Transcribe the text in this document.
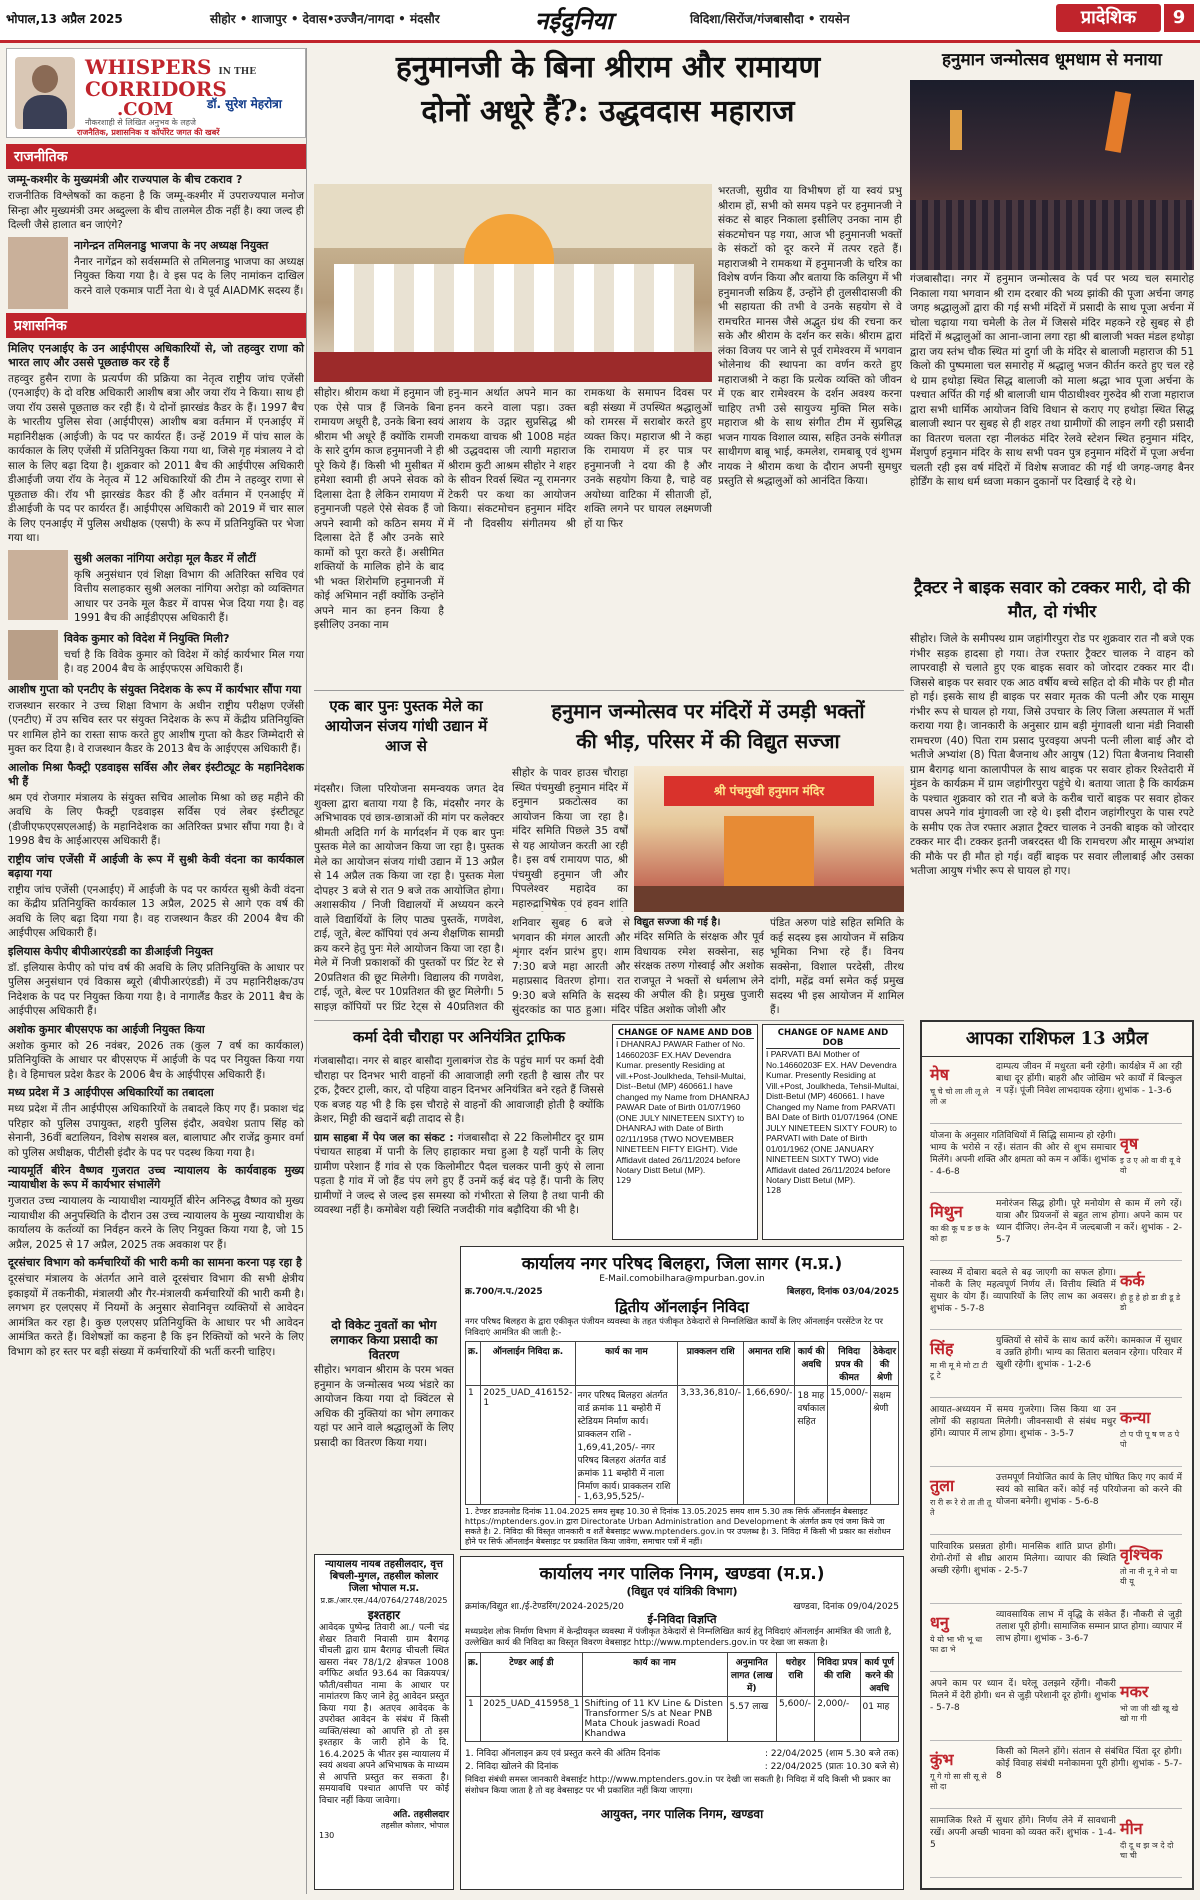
भोपाल,13 अप्रैल 2025	सीहोर • शाजापुर • देवास•उज्जैन/नागदा • मंदसौर	नईदुनिया	विदिशा/सिरोंज/गंजबासौदा • रायसेन	प्रादेशिक	9
WHISPERS IN THE
CORRIDORS
डॉ. सुरेश मेहरोत्रा
.COM
नौकरशाही से लिखित अनुभव के लहजे
राजनैतिक, प्रशासनिक व कॉर्पोरेट जगत की खबरें
राजनीतिक
जम्मू-कश्मीर के मुख्यमंत्री और राज्यपाल के बीच टकराव ?

राजनीतिक विश्लेषकों का कहना है कि जम्मू-कश्मीर में उपराज्यपाल मनोज सिन्हा और मुख्यमंत्री उमर अब्दुल्ला के बीच तालमेल ठीक नहीं है। क्या जल्द ही दिल्ली जैसे हालात बन जाएंगे?

नागेन्द्रन तमिलनाडु भाजपा के नए अध्यक्ष नियुक्त

नैनार नागेंद्रन को सर्वसम्मति से तमिलनाडु भाजपा का अध्यक्ष नियुक्त किया गया है। वे इस पद के लिए नामांकन दाखिल करने वाले एकमात्र पार्टी नेता थे। वे पूर्व AIADMK सदस्य हैं।

प्रशासनिक
मिलिए एनआईए के उन आईपीएस अधिकारियों से, जो तहव्वुर राणा को भारत लाए और उससे पूछताछ कर रहे हैं

तहव्वुर हुसैन राणा के प्रत्यर्पण की प्रक्रिया का नेतृत्व राष्ट्रीय जांच एजेंसी (एनआईए) के दो वरिष्ठ अधिकारी आशीष बत्रा और जया रॉय ने किया। साथ ही जया रॉय उससे पूछताछ कर रही हैं। ये दोनों झारखंड कैडर के हैं। 1997 बैच के भारतीय पुलिस सेवा (आईपीएस) आशीष बत्रा वर्तमान में एनआईए में महानिरीक्षक (आईजी) के पद पर कार्यरत हैं। उन्हें 2019 में पांच साल के कार्यकाल के लिए एजेंसी में प्रतिनियुक्त किया गया था, जिसे गृह मंत्रालय ने दो साल के लिए बढ़ा दिया है। शुक्रवार को 2011 बैच की आईपीएस अधिकारी डीआईजी जया रॉय के नेतृत्व में 12 अधिकारियों की टीम ने तहव्वुर राणा से पूछताछ की। रॉय भी झारखंड कैडर की हैं और वर्तमान में एनआईए में डीआईजी के पद पर कार्यरत हैं। आईपीएस अधिकारी को 2019 में चार साल के लिए एनआईए में पुलिस अधीक्षक (एसपी) के रूप में प्रतिनियुक्ति पर भेजा गया था।

सुश्री अलका नांगिया अरोड़ा मूल कैडर में लौटीं

कृषि अनुसंधान एवं शिक्षा विभाग की अतिरिक्त सचिव एवं वित्तीय सलाहकार सुश्री अलका नांगिया अरोड़ा को व्यक्तिगत आधार पर उनके मूल कैडर में वापस भेज दिया गया है। वह 1991 बैच की आईडीएएस अधिकारी हैं।

विवेक कुमार को विदेश में नियुक्ति मिली?

चर्चा है कि विवेक कुमार को विदेश में कोई कार्यभार मिल गया है। वह 2004 बैच के आईएफएस अधिकारी हैं।

आशीष गुप्ता को एनटीए के संयुक्त निदेशक के रूप में कार्यभार सौंपा गया

राजस्थान सरकार ने उच्च शिक्षा विभाग के अधीन राष्ट्रीय परीक्षण एजेंसी (एनटीए) में उप सचिव स्तर पर संयुक्त निदेशक के रूप में केंद्रीय प्रतिनियुक्ति पर शामिल होने का रास्ता साफ करते हुए आशीष गुप्ता को कैडर जिम्मेदारी से मुक्त कर दिया है। वे राजस्थान कैडर के 2013 बैच के आईएएस अधिकारी हैं।

आलोक मिश्रा फैक्ट्री एडवाइस सर्विस और लेबर इंस्टीट्यूट के महानिदेशक भी हैं

श्रम एवं रोजगार मंत्रालय के संयुक्त सचिव आलोक मिश्रा को छह महीने की अवधि के लिए फैक्ट्री एडवाइस सर्विस एवं लेबर इंस्टीट्यूट (डीजीएफएएसएलआई) के महानिदेशक का अतिरिक्त प्रभार सौंपा गया है। वे 1998 बैच के आईआरएस अधिकारी हैं।

राष्ट्रीय जांच एजेंसी में आईजी के रूप में सुश्री केवी वंदना का कार्यकाल बढ़ाया गया

राष्ट्रीय जांच एजेंसी (एनआईए) में आईजी के पद पर कार्यरत सुश्री केवी वंदना का केंद्रीय प्रतिनियुक्ति कार्यकाल 13 अप्रैल, 2025 से आगे एक वर्ष की अवधि के लिए बढ़ा दिया गया है। वह राजस्थान कैडर की 2004 बैच की आईपीएस अधिकारी हैं।

इलियास केपीए बीपीआरएंडडी का डीआईजी नियुक्त

डॉ. इलियास केपीए को पांच वर्ष की अवधि के लिए प्रतिनियुक्ति के आधार पर पुलिस अनुसंधान एवं विकास ब्यूरो (बीपीआरएंडडी) में उप महानिरीक्षक/उप निदेशक के पद पर नियुक्त किया गया है। वे नागालैंड कैडर के 2011 बैच के आईपीएस अधिकारी हैं।

अशोक कुमार बीएसएफ का आईजी नियुक्त किया

अशोक कुमार को 26 नवंबर, 2026 तक (कुल 7 वर्ष का कार्यकाल) प्रतिनियुक्ति के आधार पर बीएसएफ में आईजी के पद पर नियुक्त किया गया है। वे हिमाचल प्रदेश कैडर के 2006 बैच के आईपीएस अधिकारी हैं।

मध्य प्रदेश में 3 आईपीएस अधिकारियों का तबादला

मध्य प्रदेश में तीन आईपीएस अधिकारियों के तबादले किए गए हैं। प्रकाश चंद्र परिहार को पुलिस उपायुक्त, शहरी पुलिस इंदौर, अवधेश प्रताप सिंह को सेनानी, 36वीं बटालियन, विशेष सशस्त्र बल, बालाघाट और राजेंद्र कुमार वर्मा को पुलिस अधीक्षक, पीटीसी इंदौर के पद पर पदस्थ किया गया है।

न्यायमूर्ति बीरेन वैष्णव गुजरात उच्च न्यायालय के कार्यवाहक मुख्य न्यायाधीश के रूप में कार्यभार संभालेंगे

गुजरात उच्च न्यायालय के न्यायाधीश न्यायमूर्ति बीरेन अनिरुद्ध वैष्णव को मुख्य न्यायाधीश की अनुपस्थिति के दौरान उस उच्च न्यायालय के मुख्य न्यायाधीश के कार्यालय के कर्तव्यों का निर्वहन करने के लिए नियुक्त किया गया है, जो 15 अप्रैल, 2025 से 17 अप्रैल, 2025 तक अवकाश पर हैं।

दूरसंचार विभाग को कर्मचारियों की भारी कमी का सामना करना पड़ रहा है

दूरसंचार मंत्रालय के अंतर्गत आने वाले दूरसंचार विभाग की सभी क्षेत्रीय इकाइयों में तकनीकी, मंत्रालयी और गैर-मंत्रालयी कर्मचारियों की भारी कमी है। लगभग हर एलएसए में नियमों के अनुसार सेवानिवृत्त व्यक्तियों से आवेदन आमंत्रित कर रहा है। कुछ एलएसए प्रतिनियुक्ति के आधार पर भी आवेदन आमंत्रित करते हैं। विशेषज्ञों का कहना है कि इन रिक्तियों को भरने के लिए विभाग को हर स्तर पर बड़ी संख्या में कर्मचारियों की भर्ती करनी चाहिए।

हनुमानजी के बिना श्रीराम और रामायण
दोनों अधूरे हैं?: उद्धवदास महाराज
सीहोर। श्रीराम कथा में हनुमान जी एक ऐसे पात्र हैं जिनके बिना रामायण अधूरी है, उनके बिना स्वयं श्रीराम भी अधूरे हैं क्योंकि रामजी के सारे दुर्गम काज हनुमानजी ने ही पूरे किये हैं। किसी भी मुसीबत में हमेशा स्वामी ही अपने सेवक को दिलासा देता है लेकिन रामायण में हनुमानजी पहले ऐसे सेवक हैं जो अपने स्वामी को कठिन समय में दिलासा देते हैं और उनके सारे कामों को पूरा करते हैं। असीमित शक्तियों के मालिक होने के बाद भी भक्त शिरोमणि हनुमानजी में कोई अभिमान नहीं क्योंकि उन्होंने अपने मान का हनन किया है इसीलिए उनका नाम
हनु-मान अर्थात अपने मान का हनन करने वाला पड़ा। उक्त आशय के उद्गार सुप्रसिद्ध श्री रामकथा वाचक श्री 1008 महंत श्री उद्धवदास जी त्यागी महाराज श्रीराम कुटी आश्रम सीहोर ने शहर के सीवन रिवर्स स्थित न्यू रामनगर टेकरी पर कथा का आयोजन किया। संकटमोचन हनुमान मंदिर में नौ दिवसीय संगीतमय श्री रामकथा के समापन दिवस पर बड़ी संख्या में उपस्थित श्रद्धालुओं को रामरस में सराबोर करते हुए व्यक्त किए। महाराज श्री ने कहा कि रामायण में हर पात्र पर हनुमानजी ने दया की है और उनके सहयोग किया है, चाहे वह अयोध्या वाटिका में सीताजी हों, शक्ति लगने पर घायल लक्ष्मणजी हों या फिर
भरतजी, सुग्रीव या विभीषण हों या स्वयं प्रभु श्रीराम हों, सभी को समय पड़ने पर हनुमानजी ने संकट से बाहर निकाला इसीलिए उनका नाम ही संकटमोचन पड़ गया, आज भी हनुमानजी भक्तों के संकटों को दूर करने में तत्पर रहते हैं। महाराजश्री ने रामकथा में हनुमानजी के चरित्र का विशेष वर्णन किया और बताया कि कलियुग में भी हनुमानजी सक्रिय हैं, उन्होंने ही तुलसीदासजी की भी सहायता की तभी वे उनके सहयोग से वे रामचरित मानस जैसे अद्भुत ग्रंथ की रचना कर सके और श्रीराम के दर्शन कर सके। श्रीराम द्वारा लंका विजय पर जाने से पूर्व रामेश्वरम में भगवान भोलेनाथ की स्थापना का वर्णन करते हुए महाराजश्री ने कहा कि प्रत्येक व्यक्ति को जीवन में एक बार रामेश्वरम के दर्शन अवश्य करना चाहिए तभी उसे सायुज्य मुक्ति मिल सके। महाराज श्री के साथ संगीत टीम में सुप्रसिद्ध भजन गायक विशाल व्यास, सहित उनके संगीतज्ञ साथीगण बाबू भाई, कमलेश, रामबाबू एवं शुभम नायक ने श्रीराम कथा के दौरान अपनी सुमधुर प्रस्तुति से श्रद्धालुओं को आनंदित किया।
हनुमान जन्मोत्सव धूमधाम से मनाया
गंजबासौदा। नगर में हनुमान जन्मोत्सव के पर्व पर भव्य चल समारोह निकाला गया भगवान श्री राम दरबार की भव्य झांकी की पूजा अर्चना जगह जगह श्रद्धालुओं द्वारा की गई सभी मंदिरों में प्रसादी के साथ पूजा अर्चना में चोला चढ़ाया गया चमेली के तेल में जिससे मंदिर महकने रहे सुबह से ही मंदिरों में श्रद्धालुओं का आना-जाना लगा रहा श्री बालाजी भक्त मंडल हथोड़ा द्वारा जय स्तंभ चौक स्थित मां दुर्गा जी के मंदिर से बालाजी महाराज की 51 किलो की पुष्पमाला चल समारोह में श्रद्धालु भजन कीर्तन करते हुए चल रहे थे ग्राम हथोड़ा स्थित सिद्ध बालाजी को माला श्रद्धा भाव पूजा अर्चना के पश्चात अर्पित की गई श्री बालाजी धाम पीठाधीश्वर गुरुदेव श्री राजा महाराज द्वारा सभी धार्मिक आयोजन विधि विधान से कराए गए हथोड़ा स्थित सिद्ध बालाजी स्थान पर सुबह से ही शहर तथा ग्रामीणों की लाइन लगी रही प्रसादी का वितरण चलता रहा नीलकंठ मंदिर रेलवे स्टेशन स्थित हनुमान मंदिर, मेंशपुर्ण हनुमान मंदिर के साथ सभी पवन पुत्र हनुमान मंदिरों में पूजा अर्चना चलती रही इस वर्ष मंदिरों में विशेष सजावट की गई थी जगह-जगह बैनर होर्डिंग के साथ धर्म ध्वजा मकान दुकानों पर दिखाई दे रहे थे।
ट्रैक्टर ने बाइक सवार को टक्कर मारी, दो की मौत, दो गंभीर
सीहोर। जिले के समीपस्थ ग्राम जहांगीरपुरा रोड पर शुक्रवार रात नौ बजे एक गंभीर सड़क हादसा हो गया। तेज रफ्तार ट्रैक्टर चालक ने वाहन को लापरवाही से चलाते हुए एक बाइक सवार को जोरदार टक्कर मार दी। जिससे बाइक पर सवार एक आठ वर्षीय बच्चे सहित दो की मौके पर ही मौत हो गई। इसके साथ ही बाइक पर सवार मृतक की पत्नी और एक मासूम गंभीर रूप से घायल हो गया, जिसे उपचार के लिए जिला अस्पताल में भर्ती कराया गया है। जानकारी के अनुसार ग्राम बड़ी मुंगावली थाना मंडी निवासी रामचरण (40) पिता राम प्रसाद पुरवइया अपनी पत्नी लीला बाई और दो भतीजे अभ्यांश (8) पिता बैजनाथ और आयुष (12) पिता बैजनाथ निवासी ग्राम बैरागढ़ थाना कालापीपल के साथ बाइक पर सवार होकर रिश्तेदारी में मुंडन के कार्यक्रम में ग्राम जहांगीरपुरा पहुंचे थे। बताया जाता है कि कार्यक्रम के पश्चात शुक्रवार को रात नौ बजे के करीब चारों बाइक पर सवार होकर वापस अपने गांव मुंगावली जा रहे थे। इसी दौरान जहांगीरपुरा के पास रपटे के समीप एक तेज रफ्तार अज्ञात ट्रैक्टर चालक ने उनकी बाइक को जोरदार टक्कर मार दी। टक्कर इतनी जबरदस्त थी कि रामचरण और मासूम अभ्यांश की मौके पर ही मौत हो गई। वहीं बाइक पर सवार लीलाबाई और उसका भतीजा आयुष गंभीर रूप से घायल हो गए।
एक बार पुनः पुस्तक मेले का आयोजन संजय गांधी उद्यान में आज से
मंदसौर। जिला परियोजना समन्वयक जगत देव शुक्ला द्वारा बताया गया है कि, मंदसौर नगर के अभिभावक एवं छात्र-छात्राओं की मांग पर कलेक्टर श्रीमती अदिति गर्ग के मार्गदर्शन में एक बार पुनः पुस्तक मेले का आयोजन किया जा रहा है। पुस्तक मेले का आयोजन संजय गांधी उद्यान में 13 अप्रैल से 14 अप्रैल तक किया जा रहा है। पुस्तक मेला दोपहर 3 बजे से रात 9 बजे तक आयोजित होगा। अशासकीय / निजी विद्यालयों में अध्ययन करने वाले विद्यार्थियों के लिए पाठ्य पुस्तकें, गणवेश, टाई, जूते, बेल्ट कॉपियां एवं अन्य शैक्षणिक सामग्री क्रय करने हेतु पुनः मेले आयोजन किया जा रहा है। मेले में निजी प्रकाशकों की पुस्तकों पर प्रिंट रेट से 20प्रतिशत की छूट मिलेगी। विद्यालय की गणवेश, टाई, जूते, बेल्ट पर 10प्रतिशत की छूट मिलेगी। 5 साइज़ कॉपियों पर प्रिंट रेट्स से 40प्रतिशत की
हनुमान जन्मोत्सव पर मंदिरों में उमड़ी भक्तों
की भीड़, परिसर में की विद्युत सज्जा
सीहोर के पावर हाउस चौराहा स्थित पंचमुखी हनुमान मंदिर में हनुमान प्रकटोत्सव का आयोजन किया जा रहा है। मंदिर समिति पिछले 35 वर्षों से यह आयोजन करती आ रही है। इस वर्ष रामायण पाठ, श्री पंचमुखी हनुमान जी और पिपलेश्वर महादेव का महारुद्राभिषेक एवं हवन शांति
श्री पंचमुखी हनुमान मंदिर
विद्युत सज्जा की गई है।
शनिवार सुबह 6 बजे से भगवान की मंगल आरती और शृंगार दर्शन प्रारंभ हुए। शाम 7:30 बजे महा आरती और महाप्रसाद वितरण होगा। रात 9:30 बजे समिति के सदस्य सुंदरकांड का पाठ हुआ। मंदिर
मंदिर समिति के संरक्षक और पूर्व विधायक रमेश सक्सेना, सह संरक्षक तरुण गोस्वाई और अशोक राजपूत ने भक्तों से धर्मलाभ लेने की अपील की है। प्रमुख पुजारी पंडित अशोक जोशी और
पंडित अरुण पांडे सहित समिति के कई सदस्य इस आयोजन में सक्रिय भूमिका निभा रहे हैं। विनय सक्सेना, विशाल परदेसी, तीरथ दांगी, महेंद्र वर्मा समेत कई प्रमुख सदस्य भी इस आयोजन में शामिल हैं।
कर्मा देवी चौराहा पर अनियंत्रित ट्राफिक

गंजबासौदा। नगर से बाहर बासौदा गुलाबगंज रोड के पहुंच मार्ग पर कर्मा देवी चौराहा पर दिनभर भारी वाहनों की आवाजाही लगी रहती है खास तौर पर ट्रक, ट्रैक्टर ट्राली, कार, दो पहिया वाहन दिनभर अनियंत्रित बने रहते हैं जिससे एक बजह यह भी है कि इस चौराहे से वाहनों की आवाजाही होती है क्योंकि क्रेशर, मिट्टी की खदानें बढ़ी तादाद से है।

ग्राम साहबा में पेय जल का संकट : गंजबासौदा से 22 किलोमीटर दूर ग्राम पंचायत साहबा में पानी के लिए हाहाकार मचा हुआ है यहाँ पानी के लिए ग्रामीण परेशान हैं गांव से एक किलोमीटर पैदल चलकर पानी कुएं से लाना पड़ता है गांव में जो हैंड पंप लगे हुए हैं उनमें कई बंद पड़े हैं। पानी के लिए ग्रामीणों ने जल्द से जल्द इस समस्या को गंभीरता से लिया है तथा पानी की व्यवस्था नहीं है। कमोबेश यही स्थिति नजदीकी गांव बढ़ौदिया की भी है।

दो विकेट नुवतों का भोग लगाकर किया प्रसादी का वितरण
सीहोर। भगवान श्रीराम के परम भक्त हनुमान के जन्मोत्सव भव्य भंडारे का आयोजन किया गया दो क्विंटल से अधिक की नुक्तियां का भोग लगाकर यहां पर आने वाले श्रद्धालुओं के लिए प्रसादी का वितरण किया गया।
न्यायालय नायब तहसीलदार, वृत्त बिचली-मुगल, तहसील कोलार जिला भोपाल म.प्र.
प्र.क्र./आर.एस./44/0764/2748/2025
इश्तहार
आवेदक पुष्पेन्द्र तिवारी आ./ पत्नी चंद्र शेखर तिवारी निवासी ग्राम बैरागढ़ चीचली द्वारा ग्राम बैरागढ़ चीचली स्थित खसरा नंबर 78/1/2 क्षेत्रफल 1008 वर्गफिट अर्थात 93.64 का विक्रयपत्र/फौती/वसीयत नामा के आधार पर नामांतरण किए जाने हेतु आवेदन प्रस्तुत किया गया है। अतएव आवेदक के उपरोक्त आवेदन के संबंध में किसी व्यक्ति/संस्था को आपत्ति हो तो इस इश्तहार के जारी होने के दि. 16.4.2025 के भीतर इस न्यायालय में स्वयं अथवा अपने अभिभाषक के माध्यम से आपत्ति प्रस्तुत कर सकता है। समयावधि पश्चात आपत्ति पर कोई विचार नहीं किया जावेगा।
अति. तहसीलदार
तहसील कोलार, भोपाल
130
CHANGE OF NAME AND DOB
I DHANRAJ PAWAR Father of No. 14660203F EX.HAV Devendra Kumar. presently Residing at vill.+Post-Joulkheda, Tehsil-Multai, Dist--Betul (MP) 460661.I have changed my Name from DHANRAJ PAWAR Date of Birth 01/07/1960 (ONE JULY NINETEEN SIXTY) to DHANRAJ with Date of Birth 02/11/1958 (TWO NOVEMBER NINETEEN FIFTY EIGHT). Vide Affidavit dated 26/11/2024 before Notary Distt Betul (MP).
129
CHANGE OF NAME AND DOB
I PARVATI BAI Mother of No.14660203F EX. HAV Devendra Kumar. Presently Residing at Vill.+Post, Joulkheda, Tehsil-Multai, Distt-Betul (MP) 460661. I have Changed my Name from PARVATI BAI Date of Birth 01/07/1964 (ONE JULY NINETEEN SIXTY FOUR) to PARVATI with Date of Birth 01/01/1962 (ONE JANUARY NINETEEN SIXTY TWO) vide Affidavit dated 26/11/2024 before Notary Distt Betul (MP).
128
कार्यालय नगर परिषद बिलहरा, जिला सागर (म.प्र.)
E-Mail.comobilhara@mpurban.gov.in
क्र.700/न.प./2025	बिलहरा, दिनांक 03/04/2025
द्वितीय ऑनलाईन निविदा
नगर परिषद बिलहरा के द्वारा एकीकृत पंजीयन व्यवस्था के तहत पंजीकृत ठेकेदारों से निम्नलिखित कार्यों के लिए ऑनलाईन परसेंटेज रेट पर निविदाएं आमंत्रित की जाती है:-
क्र.	ऑनलाईन निविदा क्र.	कार्य का नाम	प्राक्कलन राशि	अमानत राशि	कार्य की अवधि	निविदा प्रपत्र की कीमत	ठेकेदार की श्रेणी
1	2025_UAD_416152-1	नगर परिषद बिलहरा अंतर्गत वार्ड क्रमांक 11 बम्होरी में स्टेडियम निर्माण कार्य। प्राक्कलन राशि - 1,69,41,205/- नगर परिषद बिलहरा अंतर्गत वार्ड क्रमांक 11 बम्होरी में नाला निर्माण कार्य। प्राक्कलन राशि - 1,63,95,525/-	3,33,36,810/-	1,66,690/-	18 माह वर्षाकाल सहित	15,000/-	सक्षम श्रेणी
1. टेण्डर डाउनलोड दिनांक 11.04.2025 समय सुबह 10.30 से दिनांक 13.05.2025 समय शाम 5.30 तक सिर्फ ऑनलाईन बेबसाइट https://mptenders.gov.in द्वारा Directorate Urban Administration and Development के अंतर्गत क्रय एवं जमा किये जा सकते है। 2. निविदा की विस्तृत जानकारी व शर्तें बेबसाइट www.mptenders.gov.in पर उपलब्ध है। 3. निविदा में किसी भी प्रकार का संशोधन होने पर सिर्फ ऑनलाईन बेबसाइट पर प्रकाशित किया जावेगा, समाचार पत्रों में नहीं।
कार्यालय नगर पालिक निगम, खण्डवा (म.प्र.)
(विद्युत एवं यांत्रिकी विभाग)
क्रमांक/विद्युत शा./ई-टेण्डरिंग/2024-2025/20	खण्डवा, दिनांक 09/04/2025
ई-निविदा विज्ञप्ति
मध्यप्रदेश लोक निर्माण विभाग में केन्द्रीयकृत व्यवस्था में पंजीकृत ठेकेदारों से निम्नलिखित कार्य हेतु निविदाएं ऑनलाईन आमंत्रित की जाती है, उल्लेखित कार्य की निविदा का विस्तृत विवरण वेबसाइट http://www.mptenders.gov.in पर देखा जा सकता है।
क्र.	टेण्डर आई डी	कार्य का नाम	अनुमानित लागत (लाख में)	धरोहर राशि	निविदा प्रपत्र की राशि	कार्य पूर्ण करने की अवधि
1	2025_UAD_415958_1	Shifting of 11 KV Line & Disten Transformer S/s at Near PNB Mata Chouk jaswadi Road Khandwa	5.57 लाख	5,600/-	2,000/-	01 माह
1. निविदा ऑनलाइन क्रय एवं प्रस्तुत करने की अंतिम दिनांक	: 22/04/2025 (शाम 5.30 बजे तक)
2. निविदा खोलने की दिनांक	: 22/04/2025 (प्रातः 10.30 बजे से)
निविदा संबंधी समस्त जानकारी वेबसाईट http://www.mptenders.gov.in पर देखी जा सकती है। निविदा में यदि किसी भी प्रकार का संशोधन किया जाता है तो वह वेबसाइट पर भी प्रकाशित नहीं किया जाएगा।
आयुक्त, नगर पालिक निगम, खण्डवा
आपका राशिफल 13 अप्रैल
मेष
चू चे चो ला ली लू ले लो अ
दाम्पत्य जीवन में मधुरता बनी रहेगी। कार्यक्षेत्र में आ रही बाधा दूर होंगी। बाहरी और जोखिम भरे कार्यों में बिल्कुल न पड़ें। पूंजी निवेश लाभदायक रहेगा। शुभांक - 1-3-6
वृष
इ उ ए ओ वा वी वू वे वो
योजना के अनुसार गतिविधियों में सिद्धि सामान्य हो रहेगी। भाग्य के भरोसे न रहें। संतान की ओर से शुभ समाचार मिलेंगे। अपनी शक्ति और क्षमता को कम न आँकें। शुभांक - 4-6-8
मिथुन
का की कू घ ङ छ के को हा
मनोरंजन सिद्ध होगी। पूरे मनोयोग से काम में लगे रहें। यात्रा और प्रियजनों से बहुत लाभ होगा। अपने काम पर ध्यान दीजिए। लेन-देन में जल्दबाजी न करें। शुभांक - 2-5-7
कर्क
ही हू हे हो डा डी डू डे डो
स्वास्थ्य में दोबारा बदले से बढ़ जाएगी का सफल होगा। नोकरी के लिए महत्वपूर्ण निर्णय लें। वित्तीय स्थिति में सुधार के योग हैं। व्यापारियों के लिए लाभ का अवसर। शुभांक - 5-7-8
सिंह
मा मी मू मे मो टा टी टू टे
युक्तियों से सोचें के साथ कार्य करेंगे। कामकाज में सुधार व उन्नति होगी। भाग्य का सितारा बलवान रहेगा। परिवार में खुशी रहेगी। शुभांक - 1-2-6
कन्या
टो प पी पू ष ण ठ पे पो
आयात-अध्ययन में समय गुजरेगा। जिस किया था उन लोगों की सहायता मिलेगी। जीवनसाथी से संबंध मधुर होंगे। व्यापार में लाभ होगा। शुभांक - 3-5-7
तुला
रा री रू रे रो ता ती तू ते
उत्तमपूर्ण नियोजित कार्य के लिए घोषित किए गए कार्य में स्वयं को साबित करें। कोई नई परियोजना को करने की योजना बनेगी। शुभांक - 5-6-8
वृश्चिक
तो ना नी नू ने नो या यी यू
पारिवारिक प्रसन्नता होगी। मानसिक शांति प्राप्त होगी। रोगो-रोगों से शीघ्र आराम मिलेगा। व्यापार की स्थिति अच्छी रहेगी। शुभांक - 2-5-7
धनु
ये यो भा भी भू धा फा ढा भे
व्यावसायिक लाभ में वृद्धि के संकेत हैं। नौकरी से जुड़ी तलाश पूरी होगी। सामाजिक सम्मान प्राप्त होगा। व्यापार में लाभ होगा। शुभांक - 3-6-7
मकर
भो जा जी खी खू खे खो गा गी
अपने काम पर ध्यान दें। घरेलू उलझने रहेंगी। नौकरी मिलने में देरी होगी। धन से जुड़ी परेशानी दूर होगी। शुभांक - 5-7-8
कुंभ
गू गे गो सा सी सू से सो दा
किसी को मिलने होंगे। संतान से संबंधित चिंता दूर होगी। कोई विवाह संबंधी मनोकामना पूरी होगी। शुभांक - 5-7-8
मीन
दी दू थ झ ञ दे दो चा ची
सामाजिक रिश्ते में सुधार होंगे। निर्णय लेने में सावधानी रखें। अपनी अच्छी भावना को व्यक्त करें। शुभांक - 1-4-5
